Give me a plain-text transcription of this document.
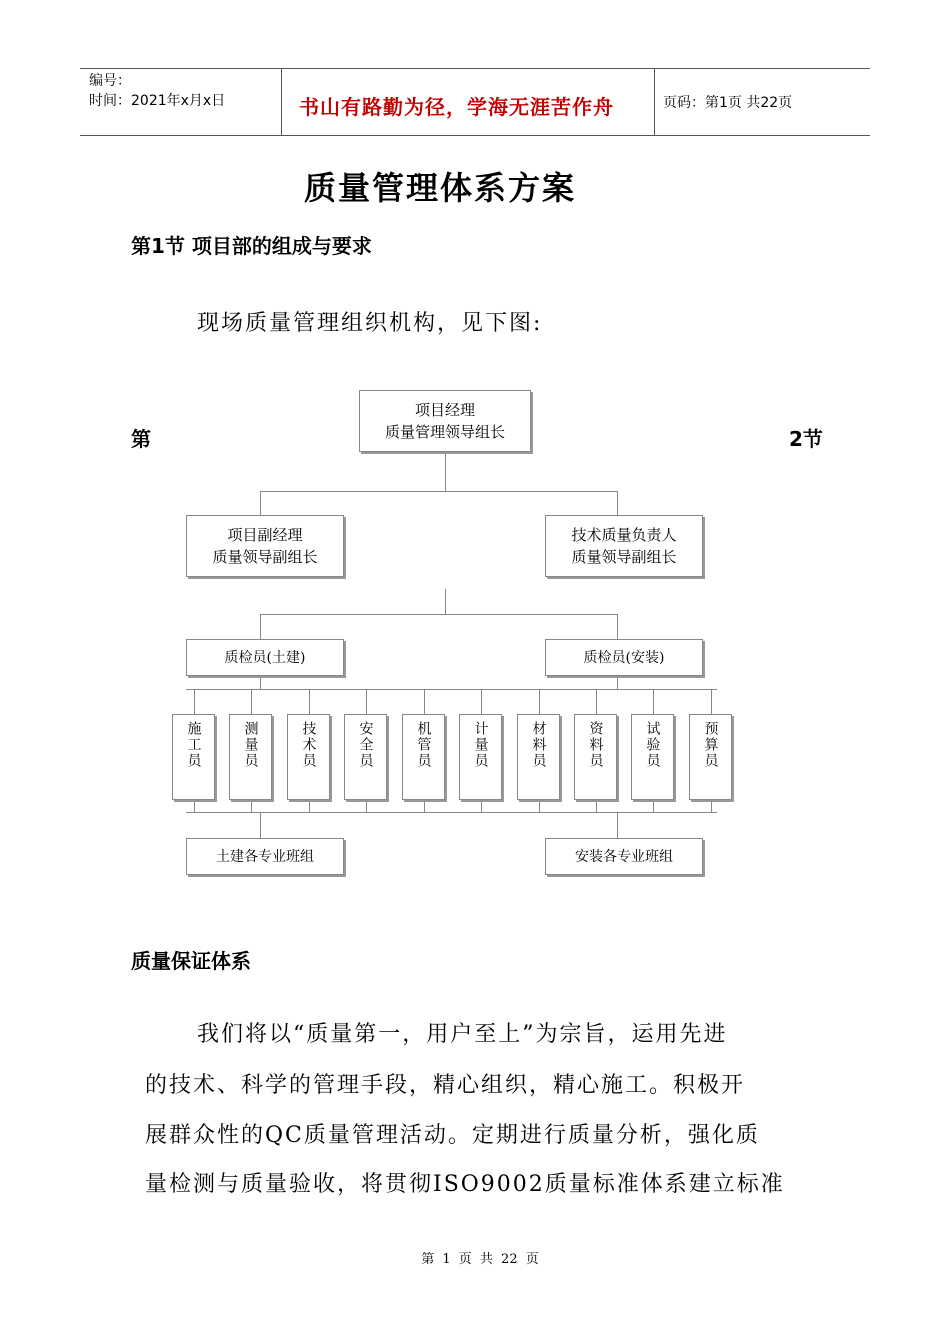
编号：
时间：2021年x月x日	书山有路勤为径，学海无涯苦作舟	页码：第1页 共22页
质量管理体系方案
第1节 项目部的组成与要求
现场质量管理组织机构，见下图:
第	2节
项目经理
质量管理领导组长
项目副经理
质量领导副组长
技术质量负责人
质量领导副组长
质检员(土建)	质检员(安装)
施工员	测量员	技术员	安全员	机管员	计量员	材料员	资料员	试验员	预算员
土建各专业班组	安装各专业班组
质量保证体系
我们将以“质量第一，用户至上”为宗旨，运用先进
的技术、科学的管理手段，精心组织，精心施工。积极开
展群众性的QC质量管理活动。定期进行质量分析，强化质
量检测与质量验收，将贯彻ISO9002质量标准体系建立标准
第 1 页 共 22 页
